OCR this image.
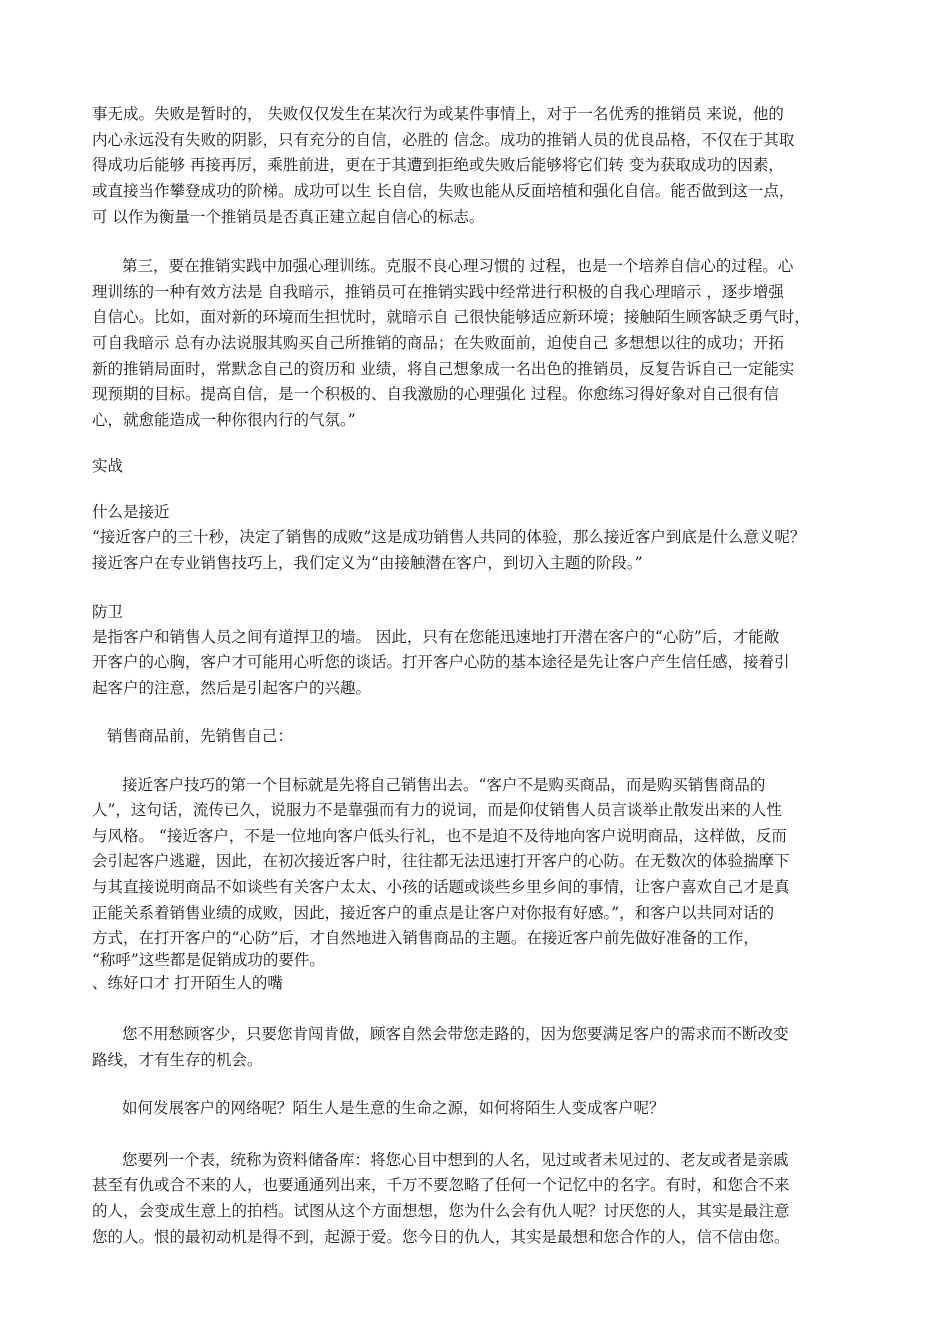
事无成。失败是暂时的， 失败仅仅发生在某次行为或某件事情上，对于一名优秀的推销员 来说，他的
内心永远没有失败的阴影，只有充分的自信，必胜的 信念。成功的推销人员的优良品格，不仅在于其取
得成功后能够 再接再厉，乘胜前进，更在于其遭到拒绝或失败后能够将它们转 变为获取成功的因素，
或直接当作攀登成功的阶梯。成功可以生 长自信，失败也能从反面培植和强化自信。能否做到这一点，
可 以作为衡量一个推销员是否真正建立起自信心的标志。
第三，要在推销实践中加强心理训练。克服不良心理习惯的 过程，也是一个培养自信心的过程。心
理训练的一种有效方法是 自我暗示，推销员可在推销实践中经常进行积极的自我心理暗示 ，逐步增强
自信心。比如，面对新的环境而生担忧时，就暗示自 己很快能够适应新环境；接触陌生顾客缺乏勇气时，
可自我暗示 总有办法说服其购买自己所推销的商品；在失败面前，迫使自己 多想想以往的成功；开拓
新的推销局面时，常默念自己的资历和 业绩，将自己想象成一名出色的推销员，反复告诉自己一定能实
现预期的目标。提高自信，是一个积极的、自我激励的心理强化 过程。你愈练习得好象对自己很有信
心，就愈能造成一种你很内行的气氛。”
实战
什么是接近
“接近客户的三十秒，决定了销售的成败”这是成功销售人共同的体验，那么接近客户到底是什么意义呢？
接近客户在专业销售技巧上，我们定义为“由接触潜在客户，到切入主题的阶段。”
防卫
是指客户和销售人员之间有道捍卫的墙。 因此，只有在您能迅速地打开潜在客户的“心防”后，才能敞
开客户的心胸，客户才可能用心听您的谈话。打开客户心防的基本途径是先让客户产生信任感，接着引
起客户的注意，然后是引起客户的兴趣。
销售商品前，先销售自己：
接近客户技巧的第一个目标就是先将自己销售出去。“客户不是购买商品，而是购买销售商品的
人”，这句话，流传已久，说服力不是靠强而有力的说词，而是仰仗销售人员言谈举止散发出来的人性
与风格。 “接近客户，不是一位地向客户低头行礼，也不是迫不及待地向客户说明商品，这样做，反而
会引起客户逃避，因此，在初次接近客户时，往往都无法迅速打开客户的心防。在无数次的体验揣摩下
与其直接说明商品不如谈些有关客户太太、小孩的话题或谈些乡里乡间的事情，让客户喜欢自己才是真
正能关系着销售业绩的成败，因此，接近客户的重点是让客户对你报有好感。”，和客户以共同对话的
方式，在打开客户的“心防”后，才自然地进入销售商品的主题。在接近客户前先做好准备的工作，
“称呼”这些都是促销成功的要件。
、练好口才 打开陌生人的嘴
您不用愁顾客少，只要您肯闯肯做，顾客自然会带您走路的，因为您要满足客户的需求而不断改变
路线，才有生存的机会。
如何发展客户的网络呢？陌生人是生意的生命之源，如何将陌生人变成客户呢？
您要列一个表，统称为资料储备库：将您心目中想到的人名，见过或者未见过的、老友或者是亲戚
甚至有仇或合不来的人，也要通通列出来，千万不要忽略了任何一个记忆中的名字。有时，和您合不来
的人，会变成生意上的拍档。试图从这个方面想想，您为什么会有仇人呢？讨厌您的人，其实是最注意
您的人。恨的最初动机是得不到，起源于爱。您今日的仇人，其实是最想和您合作的人，信不信由您。
